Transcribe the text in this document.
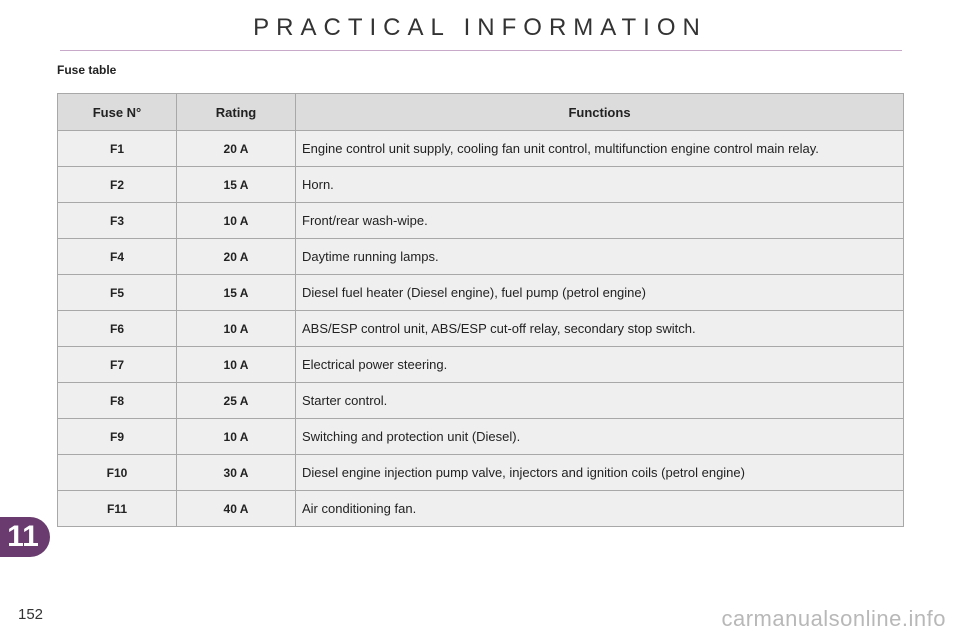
PRACTICAL INFORMATION
Fuse table
Fuse N°	Rating	Functions
F1	20 A	Engine control unit supply, cooling fan unit control, multifunction engine control main relay.
F2	15 A	Horn.
F3	10 A	Front/rear wash-wipe.
F4	20 A	Daytime running lamps.
F5	15 A	Diesel fuel heater (Diesel engine), fuel pump (petrol engine)
F6	10 A	ABS/ESP control unit, ABS/ESP cut-off relay, secondary stop switch.
F7	10 A	Electrical power steering.
F8	25 A	Starter control.
F9	10 A	Switching and protection unit (Diesel).
F10	30 A	Diesel engine injection pump valve, injectors and ignition coils (petrol engine)
F11	40 A	Air conditioning fan.
11
152	carmanualsonline.info
